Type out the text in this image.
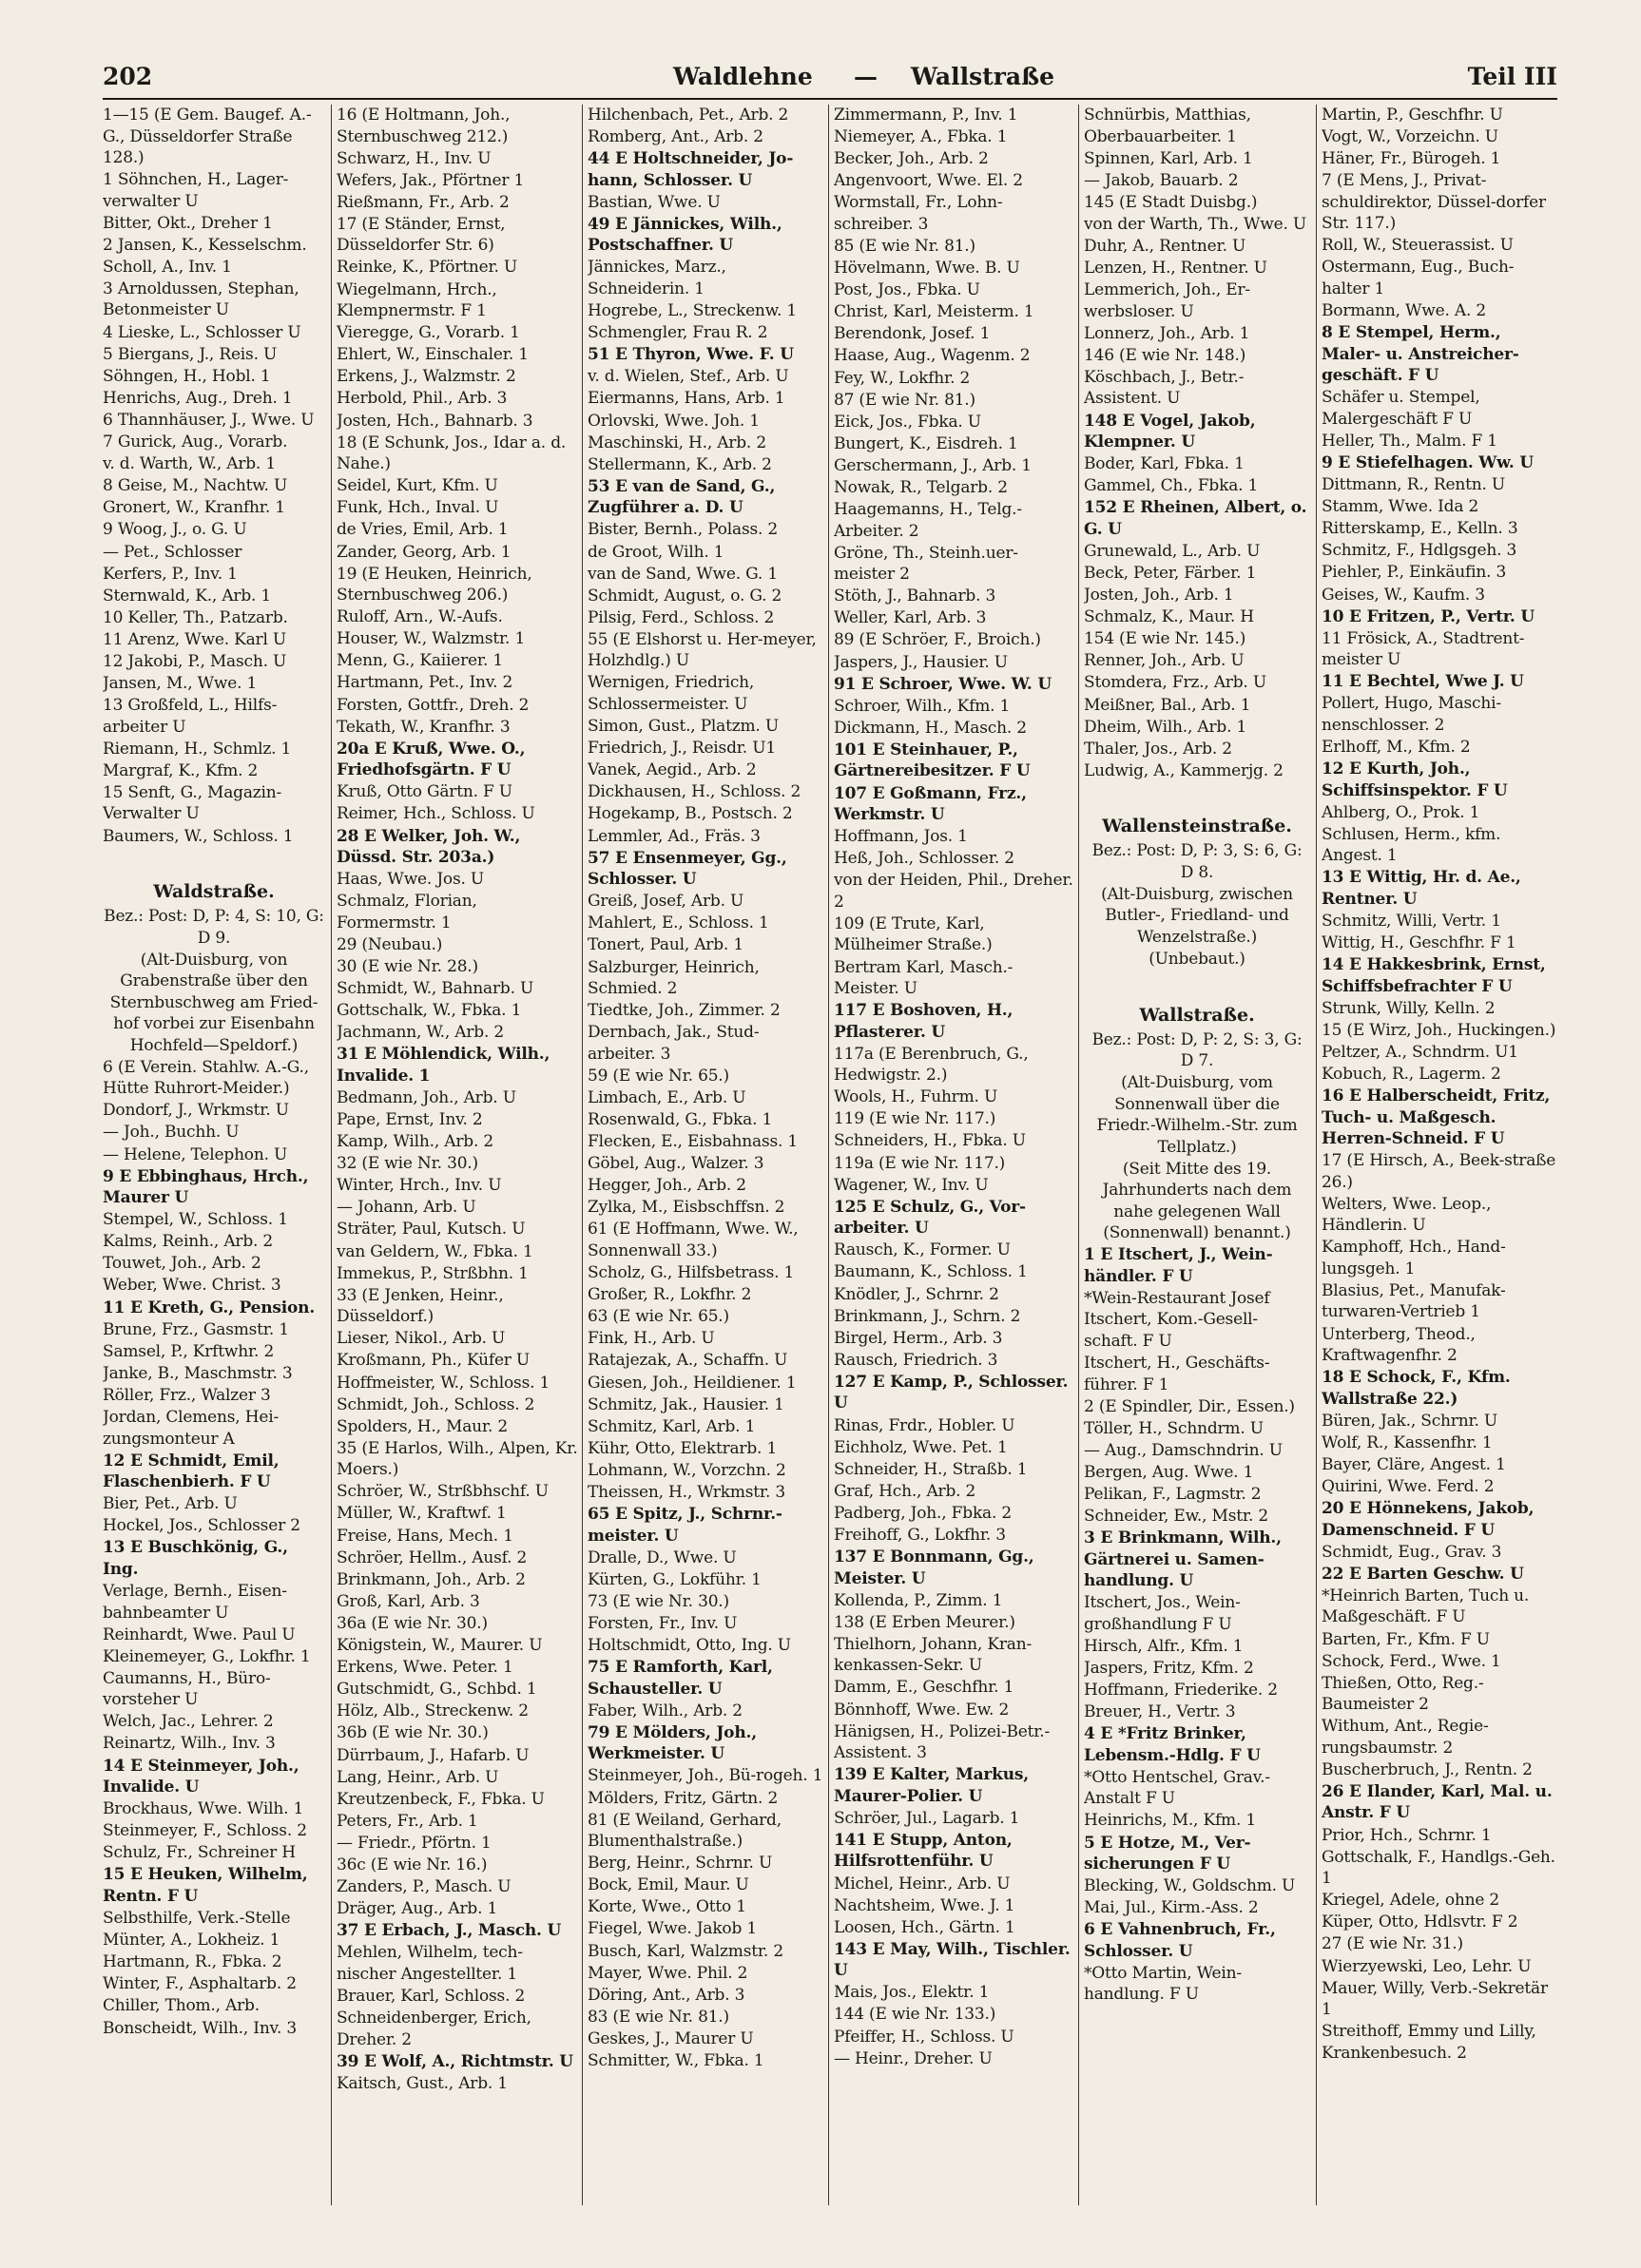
202	Waldlehne — Wallstraße	Teil III
1—15 (E Gem. Baugef. A.-G., Düsseldorfer Straße 128.)
1 Söhnchen, H., Lager-verwalter U
Bitter, Okt., Dreher 1
2 Jansen, K., Kesselschm.
Scholl, A., Inv. 1
3 Arnoldussen, Stephan, Betonmeister U
4 Lieske, L., Schlosser U
5 Biergans, J., Reis. U
Söhngen, H., Hobl. 1
Henrichs, Aug., Dreh. 1
6 Thannhäuser, J., Wwe. U
7 Gurick, Aug., Vorarb.
v. d. Warth, W., Arb. 1
8 Geise, M., Nachtw. U
Gronert, W., Kranfhr. 1
9 Woog, J., o. G. U
— Pet., Schlosser
Kerfers, P., Inv. 1
Sternwald, K., Arb. 1
10 Keller, Th., P.atzarb.
11 Arenz, Wwe. Karl U
12 Jakobi, P., Masch. U
Jansen, M., Wwe. 1
13 Großfeld, L., Hilfs-arbeiter U
Riemann, H., Schmlz. 1
Margraf, K., Kfm. 2
15 Senft, G., Magazin-Verwalter U
Baumers, W., Schloss. 1
Waldstraße.
Bez.: Post: D, P: 4, S: 10, G: D 9.
(Alt-Duisburg, von Grabenstraße über den Sternbuschweg am Fried-hof vorbei zur Eisenbahn Hochfeld—Speldorf.)
6 (E Verein. Stahlw. A.-G., Hütte Ruhrort-Meider.)
Dondorf, J., Wrkmstr. U
— Joh., Buchh. U
— Helene, Telephon. U
9 E Ebbinghaus, Hrch., Maurer U
Stempel, W., Schloss. 1
Kalms, Reinh., Arb. 2
Touwet, Joh., Arb. 2
Weber, Wwe. Christ. 3
11 E Kreth, G., Pension.
Brune, Frz., Gasmstr. 1
Samsel, P., Krftwhr. 2
Janke, B., Maschmstr. 3
Röller, Frz., Walzer 3
Jordan, Clemens, Hei-zungsmonteur A
12 E Schmidt, Emil, Flaschenbierh. F U
Bier, Pet., Arb. U
Hockel, Jos., Schlosser 2
13 E Buschkönig, G., Ing.
Verlage, Bernh., Eisen-bahnbeamter U
Reinhardt, Wwe. Paul U
Kleinemeyer, G., Lokfhr. 1
Caumanns, H., Büro-vorsteher U
Welch, Jac., Lehrer. 2
Reinartz, Wilh., Inv. 3
14 E Steinmeyer, Joh., Invalide. U
Brockhaus, Wwe. Wilh. 1
Steinmeyer, F., Schloss. 2
Schulz, Fr., Schreiner H
15 E Heuken, Wilhelm, Rentn. F U
Selbsthilfe, Verk.-Stelle
Münter, A., Lokheiz. 1
Hartmann, R., Fbka. 2
Winter, F., Asphaltarb. 2
Chiller, Thom., Arb.
Bonscheidt, Wilh., Inv. 3
16 (E Holtmann, Joh., Sternbuschweg 212.)
Schwarz, H., Inv. U
Wefers, Jak., Pförtner 1
Rießmann, Fr., Arb. 2
17 (E Ständer, Ernst, Düsseldorfer Str. 6)
Reinke, K., Pförtner. U
Wiegelmann, Hrch., Klempnermstr. F 1
Vieregge, G., Vorarb. 1
Ehlert, W., Einschaler. 1
Erkens, J., Walzmstr. 2
Herbold, Phil., Arb. 3
Josten, Hch., Bahnarb. 3
18 (E Schunk, Jos., Idar a. d. Nahe.)
Seidel, Kurt, Kfm. U
Funk, Hch., Inval. U
de Vries, Emil, Arb. 1
Zander, Georg, Arb. 1
19 (E Heuken, Heinrich, Sternbuschweg 206.)
Ruloff, Arn., W.-Aufs.
Houser, W., Walzmstr. 1
Menn, G., Kaiierer. 1
Hartmann, Pet., Inv. 2
Forsten, Gottfr., Dreh. 2
Tekath, W., Kranfhr. 3
20a E Kruß, Wwe. O., Friedhofsgärtn. F U
Kruß, Otto Gärtn. F U
Reimer, Hch., Schloss. U
28 E Welker, Joh. W., Düssd. Str. 203a.)
Haas, Wwe. Jos. U
Schmalz, Florian, Formermstr. 1
29 (Neubau.)
30 (E wie Nr. 28.)
Schmidt, W., Bahnarb. U
Gottschalk, W., Fbka. 1
Jachmann, W., Arb. 2
31 E Möhlendick, Wilh., Invalide. 1
Bedmann, Joh., Arb. U
Pape, Ernst, Inv. 2
Kamp, Wilh., Arb. 2
32 (E wie Nr. 30.)
Winter, Hrch., Inv. U
— Johann, Arb. U
Sträter, Paul, Kutsch. U
van Geldern, W., Fbka. 1
Immekus, P., Strßbhn. 1
33 (E Jenken, Heinr., Düsseldorf.)
Lieser, Nikol., Arb. U
Kroßmann, Ph., Küfer U
Hoffmeister, W., Schloss. 1
Schmidt, Joh., Schloss. 2
Spolders, H., Maur. 2
35 (E Harlos, Wilh., Alpen, Kr. Moers.)
Schröer, W., Strßbhschf. U
Müller, W., Kraftwf. 1
Freise, Hans, Mech. 1
Schröer, Hellm., Ausf. 2
Brinkmann, Joh., Arb. 2
Groß, Karl, Arb. 3
36a (E wie Nr. 30.)
Königstein, W., Maurer. U
Erkens, Wwe. Peter. 1
Gutschmidt, G., Schbd. 1
Hölz, Alb., Streckenw. 2
36b (E wie Nr. 30.)
Dürrbaum, J., Hafarb. U
Lang, Heinr., Arb. U
Kreutzenbeck, F., Fbka. U
Peters, Fr., Arb. 1
— Friedr., Pförtn. 1
36c (E wie Nr. 16.)
Zanders, P., Masch. U
Dräger, Aug., Arb. 1
37 E Erbach, J., Masch. U
Mehlen, Wilhelm, tech-nischer Angestellter. 1
Brauer, Karl, Schloss. 2
Schneidenberger, Erich, Dreher. 2
39 E Wolf, A., Richtmstr. U
Kaitsch, Gust., Arb. 1
Hilchenbach, Pet., Arb. 2
Romberg, Ant., Arb. 2
44 E Holtschneider, Jo-hann, Schlosser. U
Bastian, Wwe. U
49 E Jännickes, Wilh., Postschaffner. U
Jännickes, Marz., Schneiderin. 1
Hogrebe, L., Streckenw. 1
Schmengler, Frau R. 2
51 E Thyron, Wwe. F. U
v. d. Wielen, Stef., Arb. U
Eiermanns, Hans, Arb. 1
Orlovski, Wwe. Joh. 1
Maschinski, H., Arb. 2
Stellermann, K., Arb. 2
53 E van de Sand, G., Zugführer a. D. U
Bister, Bernh., Polass. 2
de Groot, Wilh. 1
van de Sand, Wwe. G. 1
Schmidt, August, o. G. 2
Pilsig, Ferd., Schloss. 2
55 (E Elshorst u. Her-meyer, Holzhdlg.) U
Wernigen, Friedrich, Schlossermeister. U
Simon, Gust., Platzm. U
Friedrich, J., Reisdr. U1
Vanek, Aegid., Arb. 2
Dickhausen, H., Schloss. 2
Hogekamp, B., Postsch. 2
Lemmler, Ad., Fräs. 3
57 E Ensenmeyer, Gg., Schlosser. U
Greiß, Josef, Arb. U
Mahlert, E., Schloss. 1
Tonert, Paul, Arb. 1
Salzburger, Heinrich, Schmied. 2
Tiedtke, Joh., Zimmer. 2
Dernbach, Jak., Stud-arbeiter. 3
59 (E wie Nr. 65.)
Limbach, E., Arb. U
Rosenwald, G., Fbka. 1
Flecken, E., Eisbahnass. 1
Göbel, Aug., Walzer. 3
Hegger, Joh., Arb. 2
Zylka, M., Eisbschffsn. 2
61 (E Hoffmann, Wwe. W., Sonnenwall 33.)
Scholz, G., Hilfsbetrass. 1
Großer, R., Lokfhr. 2
63 (E wie Nr. 65.)
Fink, H., Arb. U
Ratajezak, A., Schaffn. U
Giesen, Joh., Heildiener. 1
Schmitz, Jak., Hausier. 1
Schmitz, Karl, Arb. 1
Kühr, Otto, Elektrarb. 1
Lohmann, W., Vorzchn. 2
Theissen, H., Wrkmstr. 3
65 E Spitz, J., Schrnr.-meister. U
Dralle, D., Wwe. U
Kürten, G., Lokführ. 1
73 (E wie Nr. 30.)
Forsten, Fr., Inv. U
Holtschmidt, Otto, Ing. U
75 E Ramforth, Karl, Schausteller. U
Faber, Wilh., Arb. 2
79 E Mölders, Joh., Werkmeister. U
Steinmeyer, Joh., Bü-rogeh. 1
Mölders, Fritz, Gärtn. 2
81 (E Weiland, Gerhard, Blumenthalstraße.)
Berg, Heinr., Schrnr. U
Bock, Emil, Maur. U
Korte, Wwe., Otto 1
Fiegel, Wwe. Jakob 1
Busch, Karl, Walzmstr. 2
Mayer, Wwe. Phil. 2
Döring, Ant., Arb. 3
83 (E wie Nr. 81.)
Geskes, J., Maurer U
Schmitter, W., Fbka. 1
Zimmermann, P., Inv. 1
Niemeyer, A., Fbka. 1
Becker, Joh., Arb. 2
Angenvoort, Wwe. El. 2
Wormstall, Fr., Lohn-schreiber. 3
85 (E wie Nr. 81.)
Hövelmann, Wwe. B. U
Post, Jos., Fbka. U
Christ, Karl, Meisterm. 1
Berendonk, Josef. 1
Haase, Aug., Wagenm. 2
Fey, W., Lokfhr. 2
87 (E wie Nr. 81.)
Eick, Jos., Fbka. U
Bungert, K., Eisdreh. 1
Gerschermann, J., Arb. 1
Nowak, R., Telgarb. 2
Haagemanns, H., Telg.-Arbeiter. 2
Gröne, Th., Steinh.uer-meister 2
Stöth, J., Bahnarb. 3
Weller, Karl, Arb. 3
89 (E Schröer, F., Broich.)
Jaspers, J., Hausier. U
91 E Schroer, Wwe. W. U
Schroer, Wilh., Kfm. 1
Dickmann, H., Masch. 2
101 E Steinhauer, P., Gärtnereibesitzer. F U
107 E Goßmann, Frz., Werkmstr. U
Hoffmann, Jos. 1
Heß, Joh., Schlosser. 2
von der Heiden, Phil., Dreher. 2
109 (E Trute, Karl, Mülheimer Straße.)
Bertram Karl, Masch.-Meister. U
117 E Boshoven, H., Pflasterer. U
117a (E Berenbruch, G., Hedwigstr. 2.)
Wools, H., Fuhrm. U
119 (E wie Nr. 117.)
Schneiders, H., Fbka. U
119a (E wie Nr. 117.)
Wagener, W., Inv. U
125 E Schulz, G., Vor-arbeiter. U
Rausch, K., Former. U
Baumann, K., Schloss. 1
Knödler, J., Schrnr. 2
Brinkmann, J., Schrn. 2
Birgel, Herm., Arb. 3
Rausch, Friedrich. 3
127 E Kamp, P., Schlosser. U
Rinas, Frdr., Hobler. U
Eichholz, Wwe. Pet. 1
Schneider, H., Straßb. 1
Graf, Hch., Arb. 2
Padberg, Joh., Fbka. 2
Freihoff, G., Lokfhr. 3
137 E Bonnmann, Gg., Meister. U
Kollenda, P., Zimm. 1
138 (E Erben Meurer.)
Thielhorn, Johann, Kran-kenkassen-Sekr. U
Damm, E., Geschfhr. 1
Bönnhoff, Wwe. Ew. 2
Hänigsen, H., Polizei-Betr.-Assistent. 3
139 E Kalter, Markus, Maurer-Polier. U
Schröer, Jul., Lagarb. 1
141 E Stupp, Anton, Hilfsrottenführ. U
Michel, Heinr., Arb. U
Nachtsheim, Wwe. J. 1
Loosen, Hch., Gärtn. 1
143 E May, Wilh., Tischler. U
Mais, Jos., Elektr. 1
144 (E wie Nr. 133.)
Pfeiffer, H., Schloss. U
— Heinr., Dreher. U
Schnürbis, Matthias, Oberbauarbeiter. 1
Spinnen, Karl, Arb. 1
— Jakob, Bauarb. 2
145 (E Stadt Duisbg.)
von der Warth, Th., Wwe. U
Duhr, A., Rentner. U
Lenzen, H., Rentner. U
Lemmerich, Joh., Er-werbsloser. U
Lonnerz, Joh., Arb. 1
146 (E wie Nr. 148.)
Köschbach, J., Betr.-Assistent. U
148 E Vogel, Jakob, Klempner. U
Boder, Karl, Fbka. 1
Gammel, Ch., Fbka. 1
152 E Rheinen, Albert, o. G. U
Grunewald, L., Arb. U
Beck, Peter, Färber. 1
Josten, Joh., Arb. 1
Schmalz, K., Maur. H
154 (E wie Nr. 145.)
Renner, Joh., Arb. U
Stomdera, Frz., Arb. U
Meißner, Bal., Arb. 1
Dheim, Wilh., Arb. 1
Thaler, Jos., Arb. 2
Ludwig, A., Kammerjg. 2
Wallensteinstraße.
Bez.: Post: D, P: 3, S: 6, G: D 8.
(Alt-Duisburg, zwischen Butler-, Friedland- und Wenzelstraße.)
(Unbebaut.)
Wallstraße.
Bez.: Post: D, P: 2, S: 3, G: D 7.
(Alt-Duisburg, vom Sonnenwall über die Friedr.-Wilhelm.-Str. zum Tellplatz.)
(Seit Mitte des 19. Jahrhunderts nach dem nahe gelegenen Wall (Sonnenwall) benannt.)
1 E Itschert, J., Wein-händler. F U
*Wein-Restaurant Josef Itschert, Kom.-Gesell-schaft. F U
Itschert, H., Geschäfts-führer. F 1
2 (E Spindler, Dir., Essen.)
Töller, H., Schndrm. U
— Aug., Damschndrin. U
Bergen, Aug. Wwe. 1
Pelikan, F., Lagmstr. 2
Schneider, Ew., Mstr. 2
3 E Brinkmann, Wilh., Gärtnerei u. Samen-handlung. U
Itschert, Jos., Wein-großhandlung F U
Hirsch, Alfr., Kfm. 1
Jaspers, Fritz, Kfm. 2
Hoffmann, Friederike. 2
Breuer, H., Vertr. 3
4 E *Fritz Brinker, Lebensm.-Hdlg. F U
*Otto Hentschel, Grav.-Anstalt F U
Heinrichs, M., Kfm. 1
5 E Hotze, M., Ver-sicherungen F U
Blecking, W., Goldschm. U
Mai, Jul., Kirm.-Ass. 2
6 E Vahnenbruch, Fr., Schlosser. U
*Otto Martin, Wein-handlung. F U
Martin, P., Geschfhr. U
Vogt, W., Vorzeichn. U
Häner, Fr., Bürogeh. 1
7 (E Mens, J., Privat-schuldirektor, Düssel-dorfer Str. 117.)
Roll, W., Steuerassist. U
Ostermann, Eug., Buch-halter 1
Bormann, Wwe. A. 2
8 E Stempel, Herm., Maler- u. Anstreicher-geschäft. F U
Schäfer u. Stempel, Malergeschäft F U
Heller, Th., Malm. F 1
9 E Stiefelhagen. Ww. U
Dittmann, R., Rentn. U
Stamm, Wwe. Ida 2
Ritterskamp, E., Kelln. 3
Schmitz, F., Hdlgsgeh. 3
Piehler, P., Einkäufin. 3
Geises, W., Kaufm. 3
10 E Fritzen, P., Vertr. U
11 Frösick, A., Stadtrent-meister U
11 E Bechtel, Wwe J. U
Pollert, Hugo, Maschi-nenschlosser. 2
Erlhoff, M., Kfm. 2
12 E Kurth, Joh., Schiffsinspektor. F U
Ahlberg, O., Prok. 1
Schlusen, Herm., kfm. Angest. 1
13 E Wittig, Hr. d. Ae., Rentner. U
Schmitz, Willi, Vertr. 1
Wittig, H., Geschfhr. F 1
14 E Hakkesbrink, Ernst, Schiffsbefrachter F U
Strunk, Willy, Kelln. 2
15 (E Wirz, Joh., Huckingen.)
Peltzer, A., Schndrm. U1
Kobuch, R., Lagerm. 2
16 E Halberscheidt, Fritz, Tuch- u. Maßgesch. Herren-Schneid. F U
17 (E Hirsch, A., Beek-straße 26.)
Welters, Wwe. Leop., Händlerin. U
Kamphoff, Hch., Hand-lungsgeh. 1
Blasius, Pet., Manufak-turwaren-Vertrieb 1
Unterberg, Theod., Kraftwagenfhr. 2
18 E Schock, F., Kfm. Wallstraße 22.)
Büren, Jak., Schrnr. U
Wolf, R., Kassenfhr. 1
Bayer, Cläre, Angest. 1
Quirini, Wwe. Ferd. 2
20 E Hönnekens, Jakob, Damenschneid. F U
Schmidt, Eug., Grav. 3
22 E Barten Geschw. U
*Heinrich Barten, Tuch u. Maßgeschäft. F U
Barten, Fr., Kfm. F U
Schock, Ferd., Wwe. 1
Thießen, Otto, Reg.-Baumeister 2
Withum, Ant., Regie-rungsbaumstr. 2
Buscherbruch, J., Rentn. 2
26 E Ilander, Karl, Mal. u. Anstr. F U
Prior, Hch., Schrnr. 1
Gottschalk, F., Handlgs.-Geh. 1
Kriegel, Adele, ohne 2
Küper, Otto, Hdlsvtr. F 2
27 (E wie Nr. 31.)
Wierzyewski, Leo, Lehr. U
Mauer, Willy, Verb.-Sekretär 1
Streithoff, Emmy und Lilly, Krankenbesuch. 2
